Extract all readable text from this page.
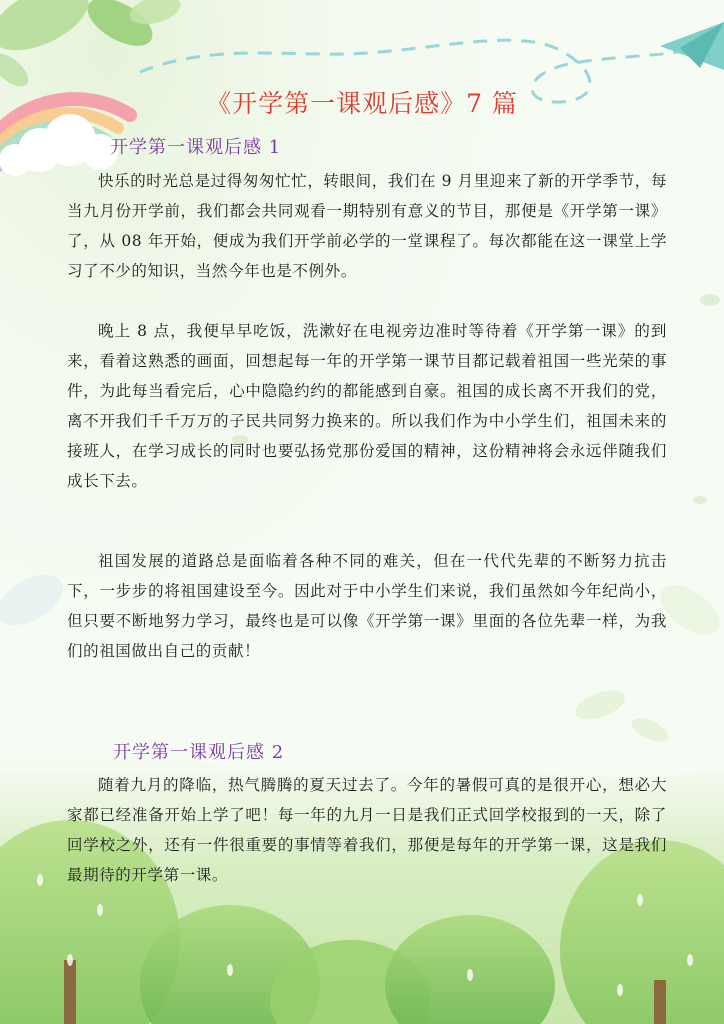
《开学第一课观后感》7 篇
开学第一课观后感 1

快乐的时光总是过得匆匆忙忙，转眼间，我们在 9 月里迎来了新的开学季节，每当九月份开学前，我们都会共同观看一期特别有意义的节目，那便是《开学第一课》了，从 08 年开始，便成为我们开学前必学的一堂课程了。每次都能在这一课堂上学习了不少的知识，当然今年也是不例外。

晚上 8 点，我便早早吃饭，洗漱好在电视旁边准时等待着《开学第一课》的到来，看着这熟悉的画面，回想起每一年的开学第一课节目都记载着祖国一些光荣的事件，为此每当看完后，心中隐隐约约的都能感到自豪。祖国的成长离不开我们的党，离不开我们千千万万的子民共同努力换来的。所以我们作为中小学生们，祖国未来的接班人，在学习成长的同时也要弘扬党那份爱国的精神，这份精神将会永远伴随我们成长下去。

祖国发展的道路总是面临着各种不同的难关，但在一代代先辈的不断努力抗击下，一步步的将祖国建设至今。因此对于中小学生们来说，我们虽然如今年纪尚小，但只要不断地努力学习，最终也是可以像《开学第一课》里面的各位先辈一样，为我们的祖国做出自己的贡献！

开学第一课观后感 2

随着九月的降临，热气腾腾的夏天过去了。今年的暑假可真的是很开心，想必大家都已经准备开始上学了吧！每一年的九月一日是我们正式回学校报到的一天，除了回学校之外，还有一件很重要的事情等着我们，那便是每年的开学第一课，这是我们最期待的开学第一课。
